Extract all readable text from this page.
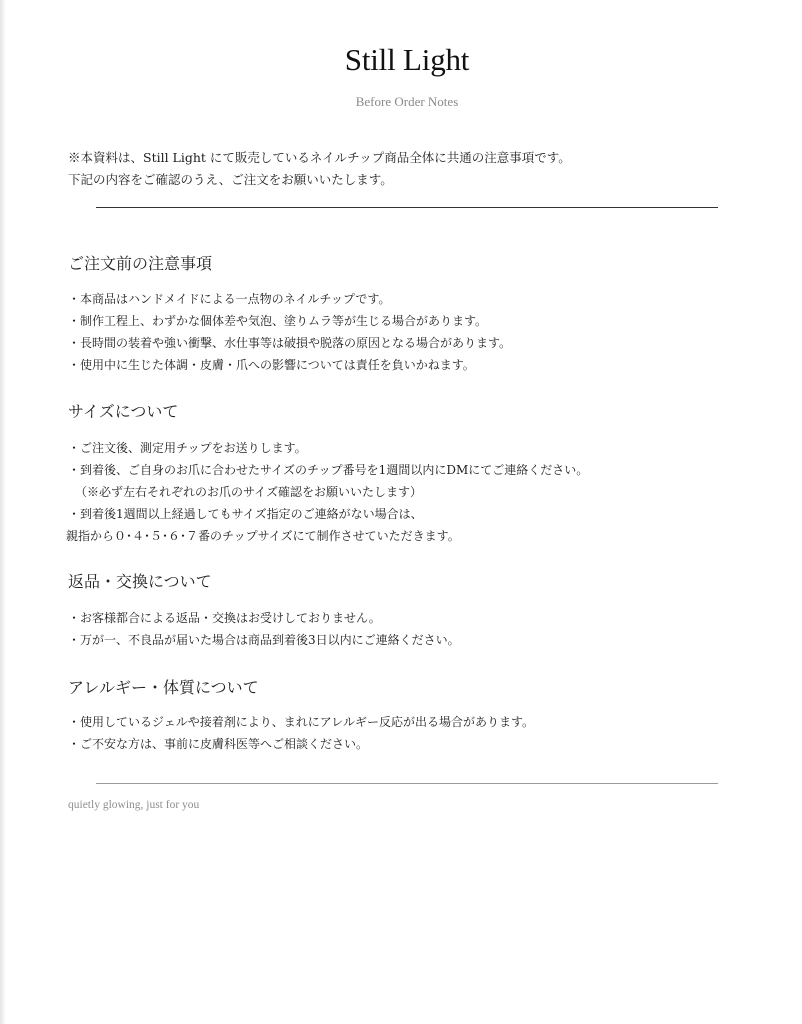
Still Light
Before Order Notes

※本資料は、Still Light にて販売しているネイルチップ商品全体に共通の注意事項です。

下記の内容をご確認のうえ、ご注文をお願いいたします。

ご注文前の注意事項
・本商品はハンドメイドによる一点物のネイルチップです。
・制作工程上、わずかな個体差や気泡、塗りムラ等が生じる場合があります。
・長時間の装着や強い衝撃、水仕事等は破損や脱落の原因となる場合があります。
・使用中に生じた体調・皮膚・爪への影響については責任を負いかねます。
サイズについて
・ご注文後、測定用チップをお送りします。
・到着後、ご自身のお爪に合わせたサイズのチップ番号を1週間以内にDMにてご連絡ください。
（※必ず左右それぞれのお爪のサイズ確認をお願いいたします）
・到着後1週間以上経過してもサイズ指定のご連絡がない場合は、
親指から０･４･５･６･７番のチップサイズにて制作させていただきます。
返品・交換について
・お客様都合による返品・交換はお受けしておりません。
・万が一、不良品が届いた場合は商品到着後3日以内にご連絡ください。
アレルギー・体質について
・使用しているジェルや接着剤により、まれにアレルギー反応が出る場合があります。
・ご不安な方は、事前に皮膚科医等へご相談ください。
quietly glowing, just for you
